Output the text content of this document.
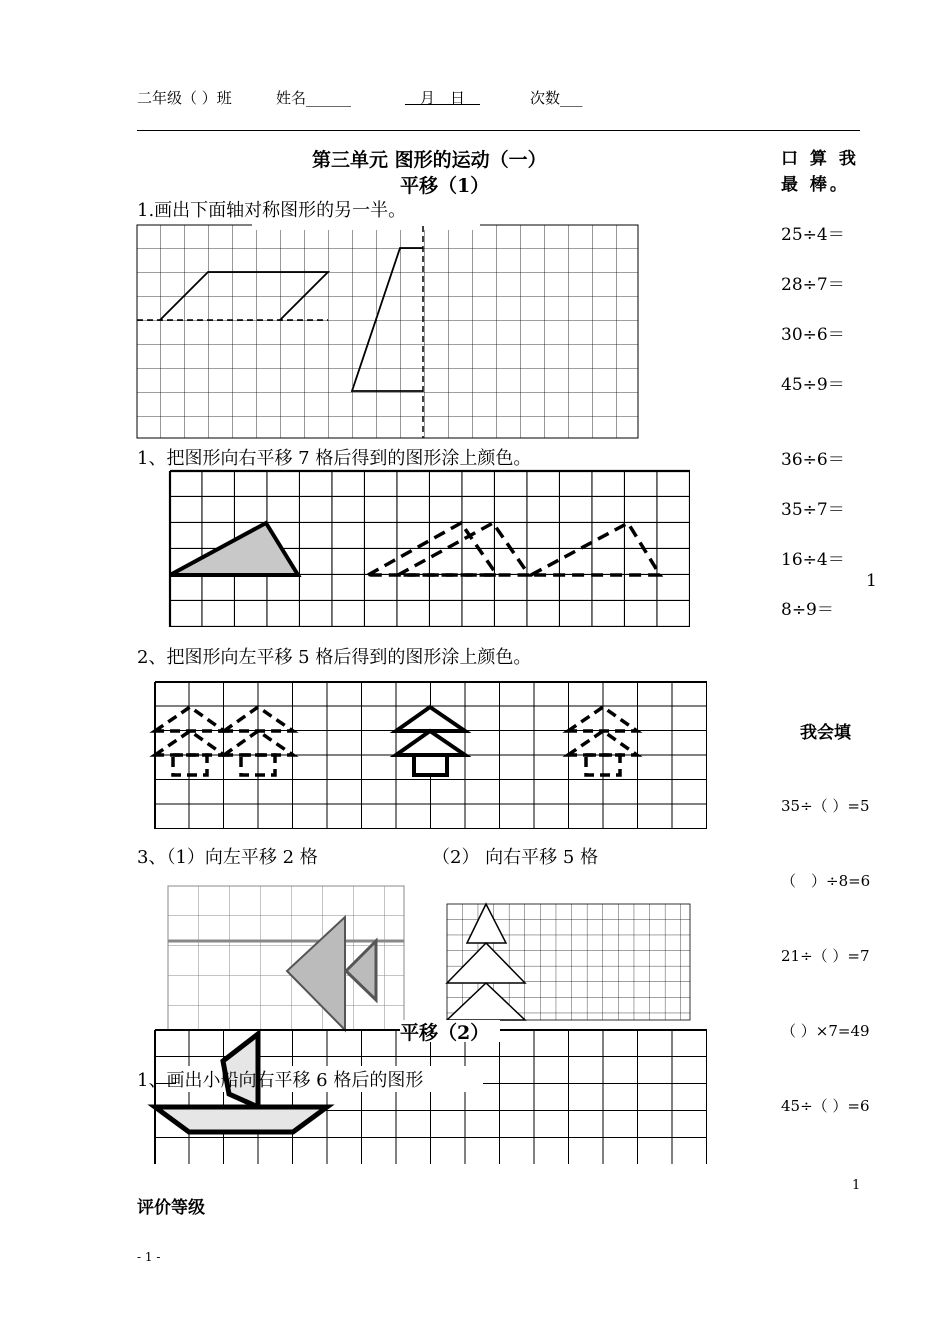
二年级（ ）班	姓名______	　月　日　	次数___
第三单元 图形的运动（一）
平移（1）
1.画出下面轴对称图形的另一半。
1、把图形向右平移 7 格后得到的图形涂上颜色。
2、把图形向左平移 5 格后得到的图形涂上颜色。
3、（1）向左平移 2 格	（2） 向右平移 5 格
平移（2）
1、画出小船向右平移 6 格后的图形
口 算 我 最 棒。
25÷4＝
28÷7＝
30÷6＝
45÷9＝
36÷6＝
35÷7＝
16÷4＝
1
8÷9＝
我会填
35÷（ ）=5
（　）÷8=6
21÷（ ）=7
（ ）×7=49
45÷（ ）=6
1
评价等级
- 1 -
